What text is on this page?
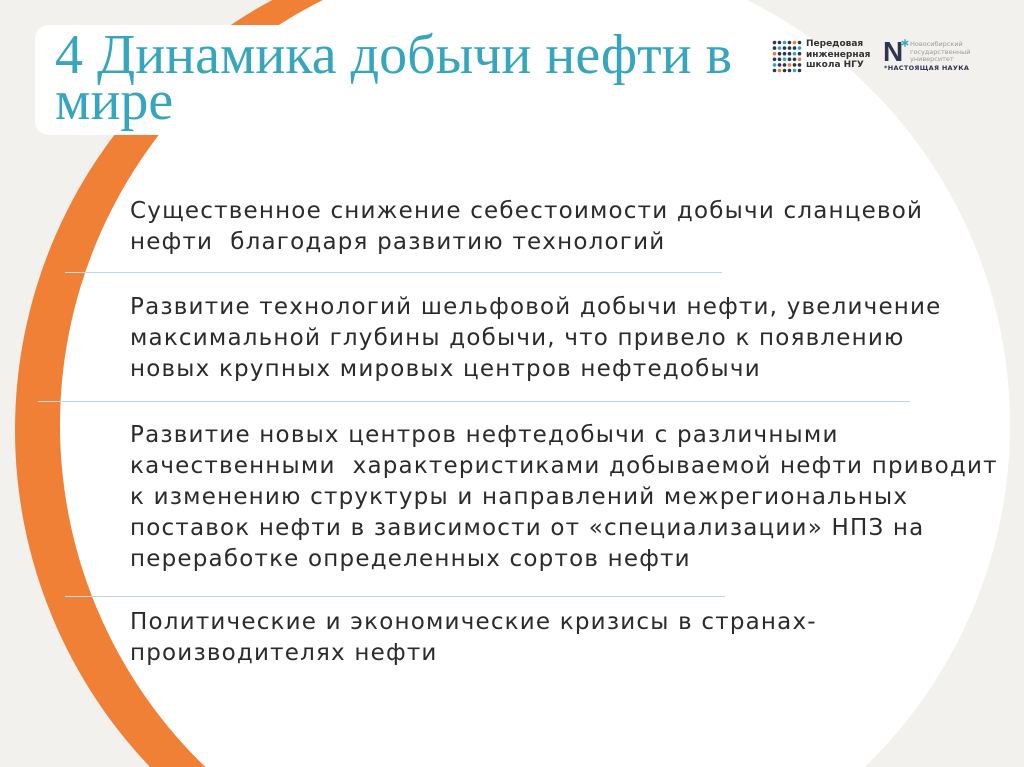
4 Динамика добычи нефти в
мире
Передовая
инженерная
школа НГУ N Новосибирский
государственный
университет
*НАСТОЯЩАЯ НАУКА
Существенное снижение себестоимости добычи сланцевой
нефти  благодаря развитию технологий
Развитие технологий шельфовой добычи нефти, увеличение
максимальной глубины добычи, что привело к появлению
новых крупных мировых центров нефтедобычи
Развитие новых центров нефтедобычи с различными
качественными  характеристиками добываемой нефти приводит
к изменению структуры и направлений межрегиональных
поставок нефти в зависимости от «специализации» НПЗ на
переработке определенных сортов нефти
Политические и экономические кризисы в странах-
производителях нефти
